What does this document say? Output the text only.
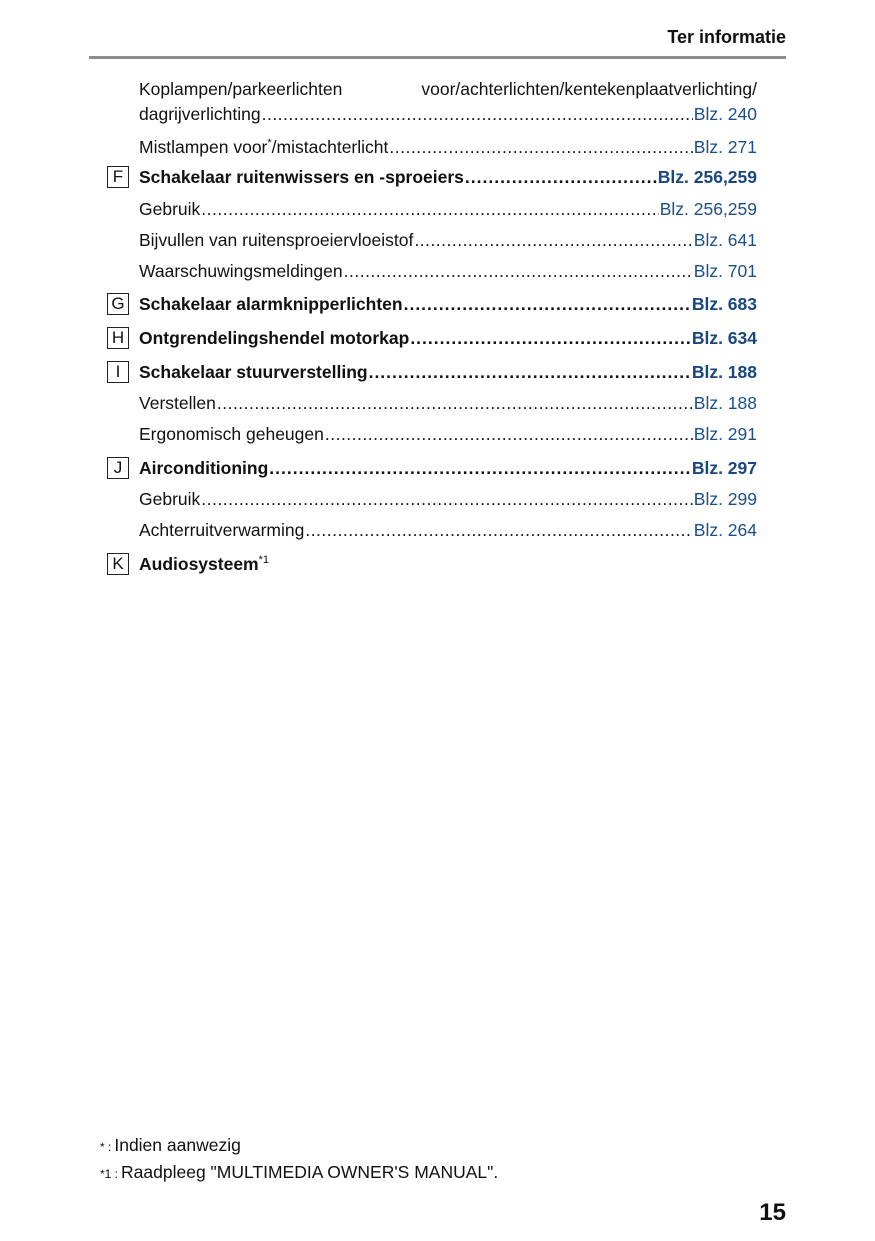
Ter informatie
Koplampen/parkeerlichten	voor/achterlichten/kentekenplaatverlichting/
dagrijverlichting .....	Blz. 240
Mistlampen voor*/mistachterlicht .....	Blz. 271
F Schakelaar ruitenwissers en -sproeiers .....	Blz. 256,259
Gebruik .....	Blz. 256,259
Bijvullen van ruitensproeiervloeistof .....	Blz. 641
Waarschuwingsmeldingen .....	Blz. 701
G Schakelaar alarmknipperlichten .....	Blz. 683
H Ontgrendelingshendel motorkap .....	Blz. 634
I	Schakelaar stuurverstelling .....	Blz. 188
Verstellen .....	Blz. 188
Ergonomisch geheugen .....	Blz. 291
J Airconditioning .....	Blz. 297
Gebruik .....	Blz. 299
Achterruitverwarming .....	Blz. 264
K Audiosysteem$^{*1}$
* : Indien aanwezig
*1 : Raadpleeg "MULTIMEDIA OWNER'S MANUAL".
15
